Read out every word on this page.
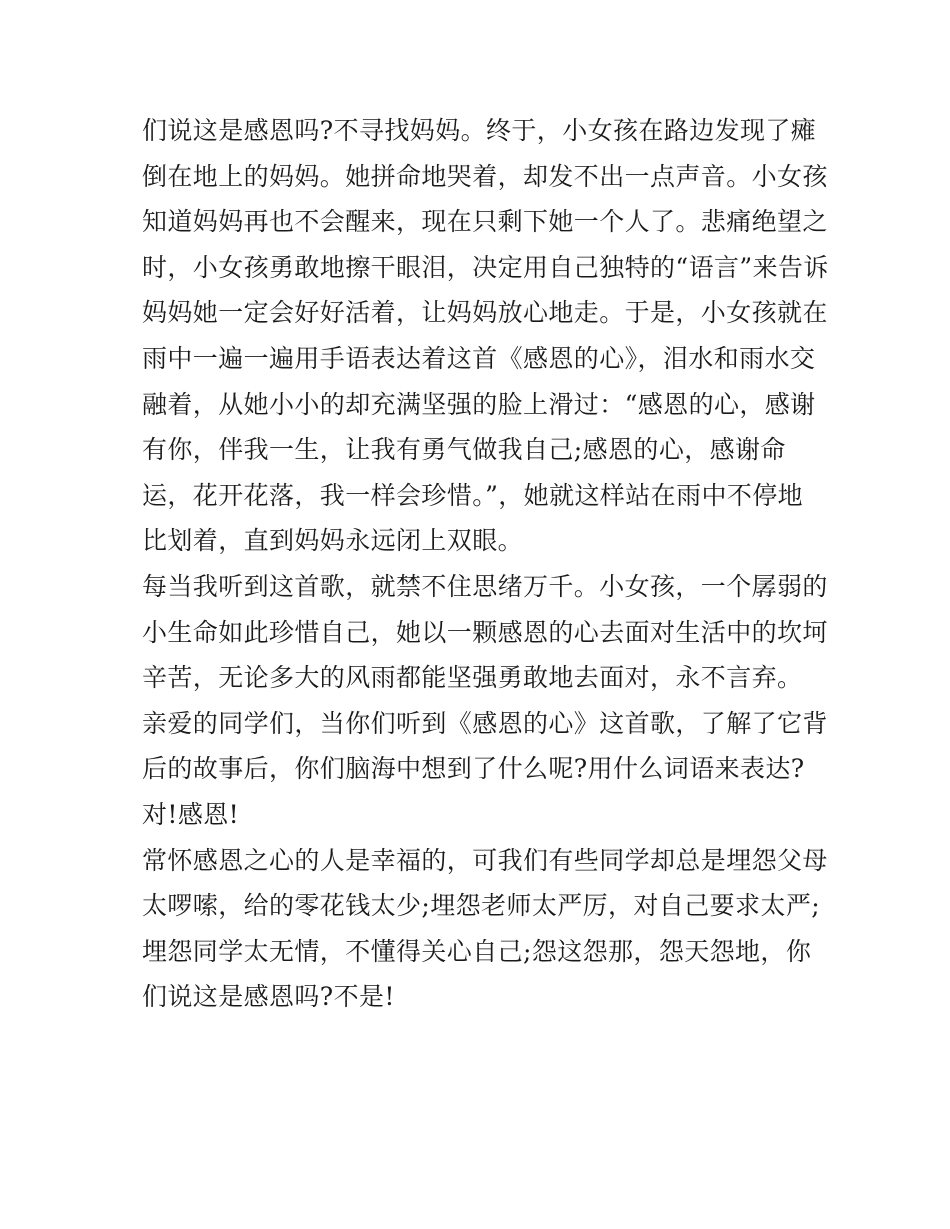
们说这是感恩吗?不寻找妈妈。终于，小女孩在路边发现了瘫
倒在地上的妈妈。她拼命地哭着，却发不出一点声音。小女孩
知道妈妈再也不会醒来，现在只剩下她一个人了。悲痛绝望之
时，小女孩勇敢地擦干眼泪，决定用自己独特的“语言”来告诉
妈妈她一定会好好活着，让妈妈放心地走。于是，小女孩就在
雨中一遍一遍用手语表达着这首《感恩的心》，泪水和雨水交
融着，从她小小的却充满坚强的脸上滑过：“感恩的心，感谢
有你，伴我一生，让我有勇气做我自己;感恩的心，感谢命
运，花开花落，我一样会珍惜。”，她就这样站在雨中不停地
比划着，直到妈妈永远闭上双眼。
每当我听到这首歌，就禁不住思绪万千。小女孩，一个孱弱的
小生命如此珍惜自己，她以一颗感恩的心去面对生活中的坎坷
辛苦，无论多大的风雨都能坚强勇敢地去面对，永不言弃。
亲爱的同学们，当你们听到《感恩的心》这首歌，了解了它背
后的故事后，你们脑海中想到了什么呢?用什么词语来表达?
对!感恩!
常怀感恩之心的人是幸福的，可我们有些同学却总是埋怨父母
太啰嗦，给的零花钱太少;埋怨老师太严厉，对自己要求太严;
埋怨同学太无情，不懂得关心自己;怨这怨那，怨天怨地，你
们说这是感恩吗?不是!
